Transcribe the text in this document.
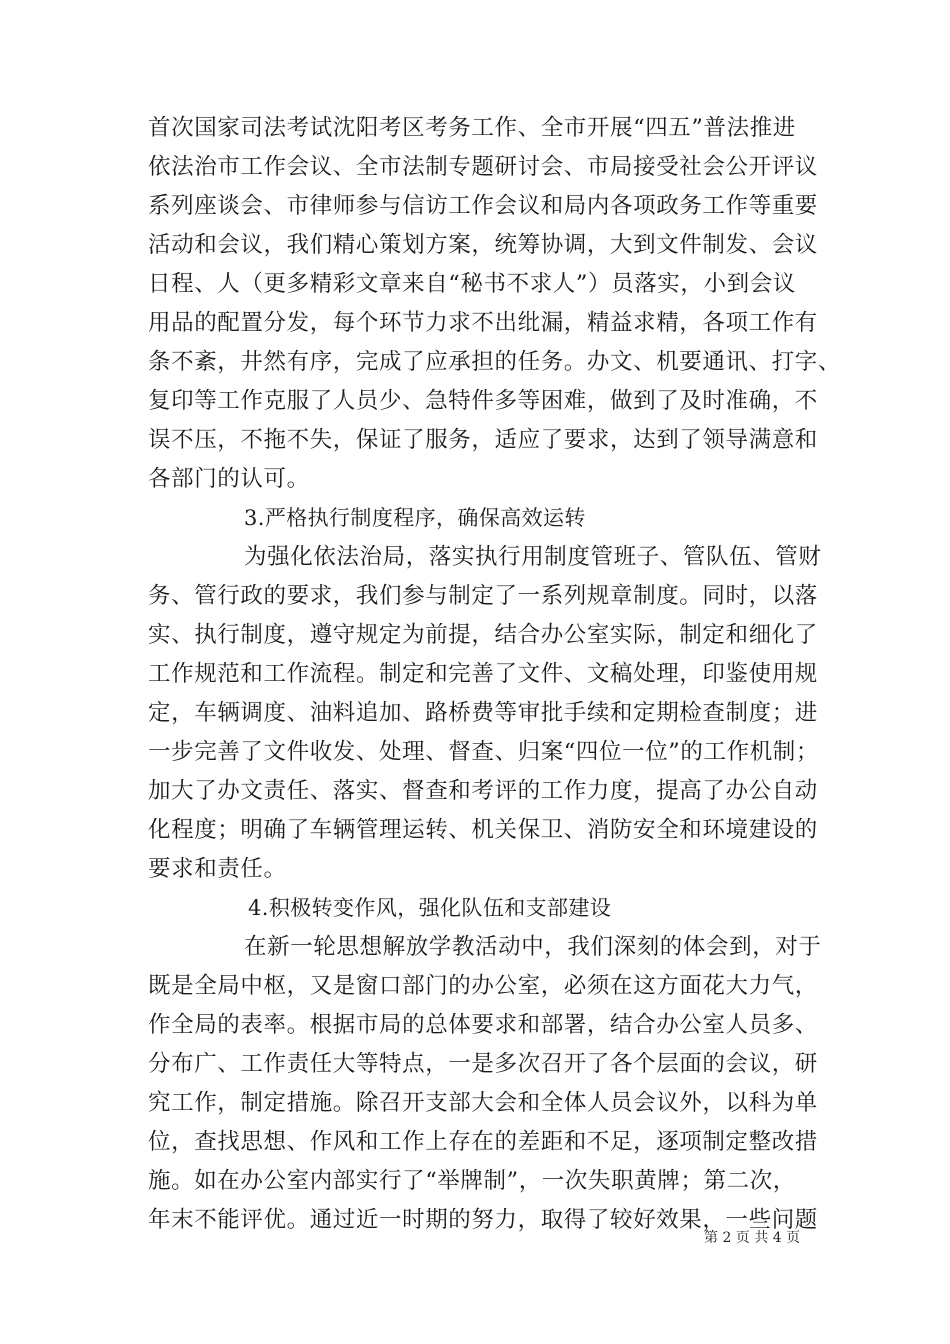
首次国家司法考试沈阳考区考务工作、全市开展“四五”普法推进
依法治市工作会议、全市法制专题研讨会、市局接受社会公开评议
系列座谈会、市律师参与信访工作会议和局内各项政务工作等重要
活动和会议，我们精心策划方案，统筹协调，大到文件制发、会议
日程、人（更多精彩文章来自“秘书不求人”）员落实，小到会议
用品的配置分发，每个环节力求不出纰漏，精益求精，各项工作有
条不紊，井然有序，完成了应承担的任务。办文、机要通讯、打字、
复印等工作克服了人员少、急特件多等困难，做到了及时准确，不
误不压，不拖不失，保证了服务，适应了要求，达到了领导满意和
各部门的认可。
3.严格执行制度程序，确保高效运转
为强化依法治局，落实执行用制度管班子、管队伍、管财
务、管行政的要求，我们参与制定了一系列规章制度。同时，以落
实、执行制度，遵守规定为前提，结合办公室实际，制定和细化了
工作规范和工作流程。制定和完善了文件、文稿处理，印鉴使用规
定，车辆调度、油料追加、路桥费等审批手续和定期检查制度；进
一步完善了文件收发、处理、督查、归案“四位一位”的工作机制；
加大了办文责任、落实、督查和考评的工作力度，提高了办公自动
化程度；明确了车辆管理运转、机关保卫、消防安全和环境建设的
要求和责任。
4.积极转变作风，强化队伍和支部建设
在新一轮思想解放学教活动中，我们深刻的体会到，对于
既是全局中枢，又是窗口部门的办公室，必须在这方面花大力气，
作全局的表率。根据市局的总体要求和部署，结合办公室人员多、
分布广、工作责任大等特点，一是多次召开了各个层面的会议，研
究工作，制定措施。除召开支部大会和全体人员会议外，以科为单
位，查找思想、作风和工作上存在的差距和不足，逐项制定整改措
施。如在办公室内部实行了“举牌制”，一次失职黄牌；第二次，
年末不能评优。通过近一时期的努力，取得了较好效果，一些问题
第 2 页 共 4 页
